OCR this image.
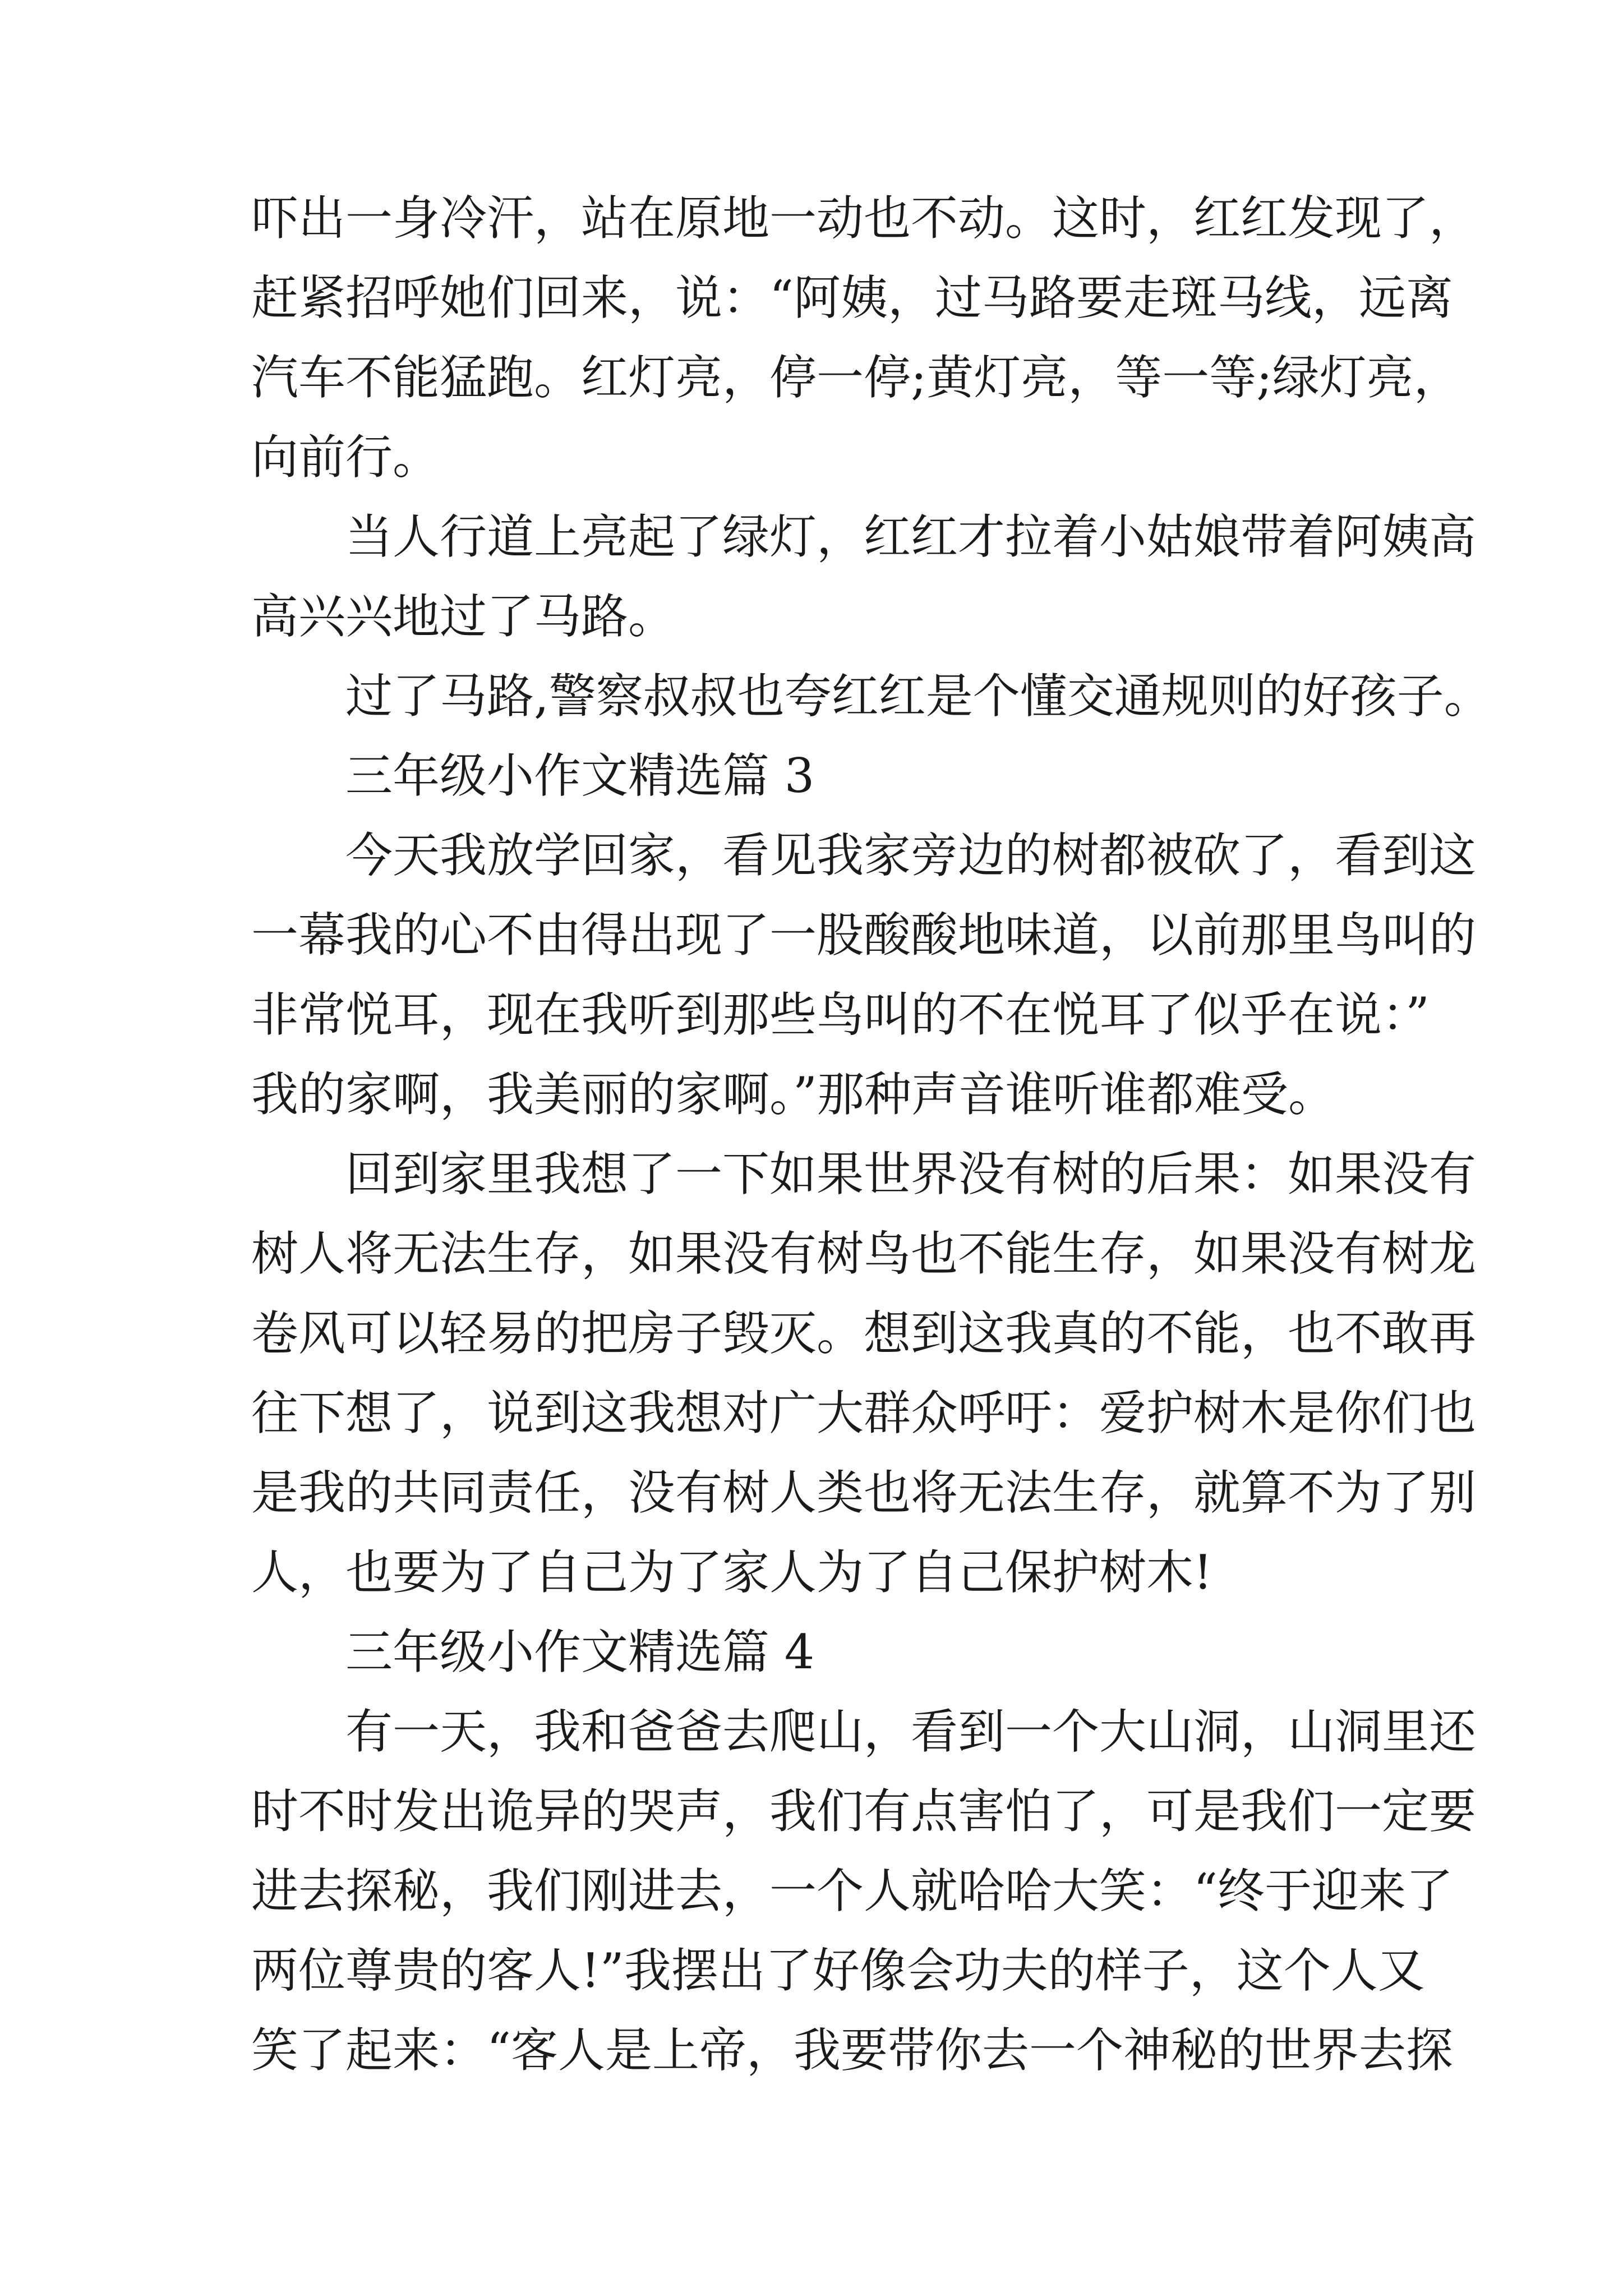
吓出一身冷汗，站在原地一动也不动。这时，红红发现了，
赶紧招呼她们回来，说：“阿姨，过马路要走斑马线，远离
汽车不能猛跑。红灯亮，停一停;黄灯亮，等一等;绿灯亮，
向前行。
当人行道上亮起了绿灯，红红才拉着小姑娘带着阿姨高
高兴兴地过了马路。
过了马路,警察叔叔也夸红红是个懂交通规则的好孩子。
三年级小作文精选篇 3
今天我放学回家，看见我家旁边的树都被砍了，看到这
一幕我的心不由得出现了一股酸酸地味道，以前那里鸟叫的
非常悦耳，现在我听到那些鸟叫的不在悦耳了似乎在说：”
我的家啊，我美丽的家啊。”那种声音谁听谁都难受。
回到家里我想了一下如果世界没有树的后果：如果没有
树人将无法生存，如果没有树鸟也不能生存，如果没有树龙
卷风可以轻易的把房子毁灭。想到这我真的不能，也不敢再
往下想了，说到这我想对广大群众呼吁：爱护树木是你们也
是我的共同责任，没有树人类也将无法生存，就算不为了别
人，也要为了自己为了家人为了自己保护树木!
三年级小作文精选篇 4
有一天，我和爸爸去爬山，看到一个大山洞，山洞里还
时不时发出诡异的哭声，我们有点害怕了，可是我们一定要
进去探秘，我们刚进去，一个人就哈哈大笑：“终于迎来了
两位尊贵的客人!”我摆出了好像会功夫的样子，这个人又
笑了起来：“客人是上帝，我要带你去一个神秘的世界去探
